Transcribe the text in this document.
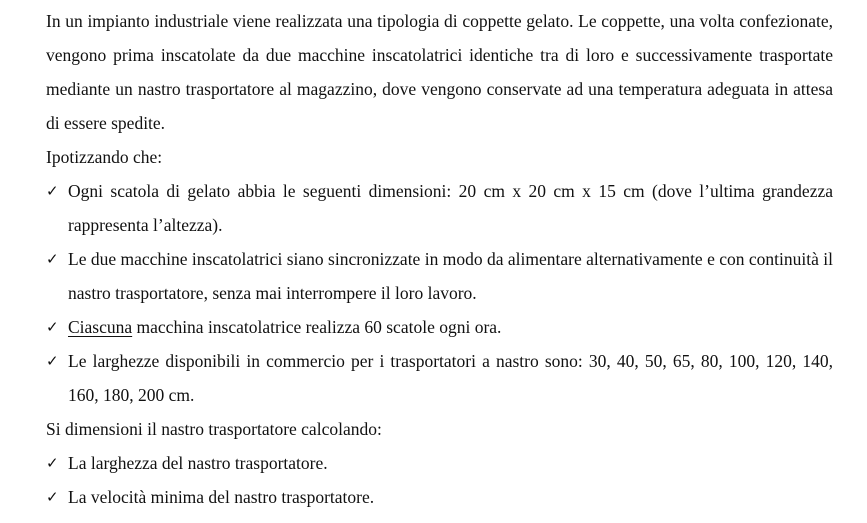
In un impianto industriale viene realizzata una tipologia di coppette gelato. Le coppette, una volta confezionate, vengono prima inscatolate da due macchine inscatolatrici identiche tra di loro e successivamente trasportate mediante un nastro trasportatore al magazzino, dove vengono conservate ad una temperatura adeguata in attesa di essere spedite.

Ipotizzando che:

✓ Ogni scatola di gelato abbia le seguenti dimensioni: 20 cm x 20 cm x 15 cm (dove l’ultima grandezza rappresenta l’altezza).
✓ Le due macchine inscatolatrici siano sincronizzate in modo da alimentare alternativamente e con continuità il nastro trasportatore, senza mai interrompere il loro lavoro.
✓ Ciascuna macchina inscatolatrice realizza 60 scatole ogni ora.
✓ Le larghezze disponibili in commercio per i trasportatori a nastro sono: 30, 40, 50, 65, 80, 100, 120, 140, 160, 180, 200 cm.

Si dimensioni il nastro trasportatore calcolando:

✓ La larghezza del nastro trasportatore.
✓ La velocità minima del nastro trasportatore.
